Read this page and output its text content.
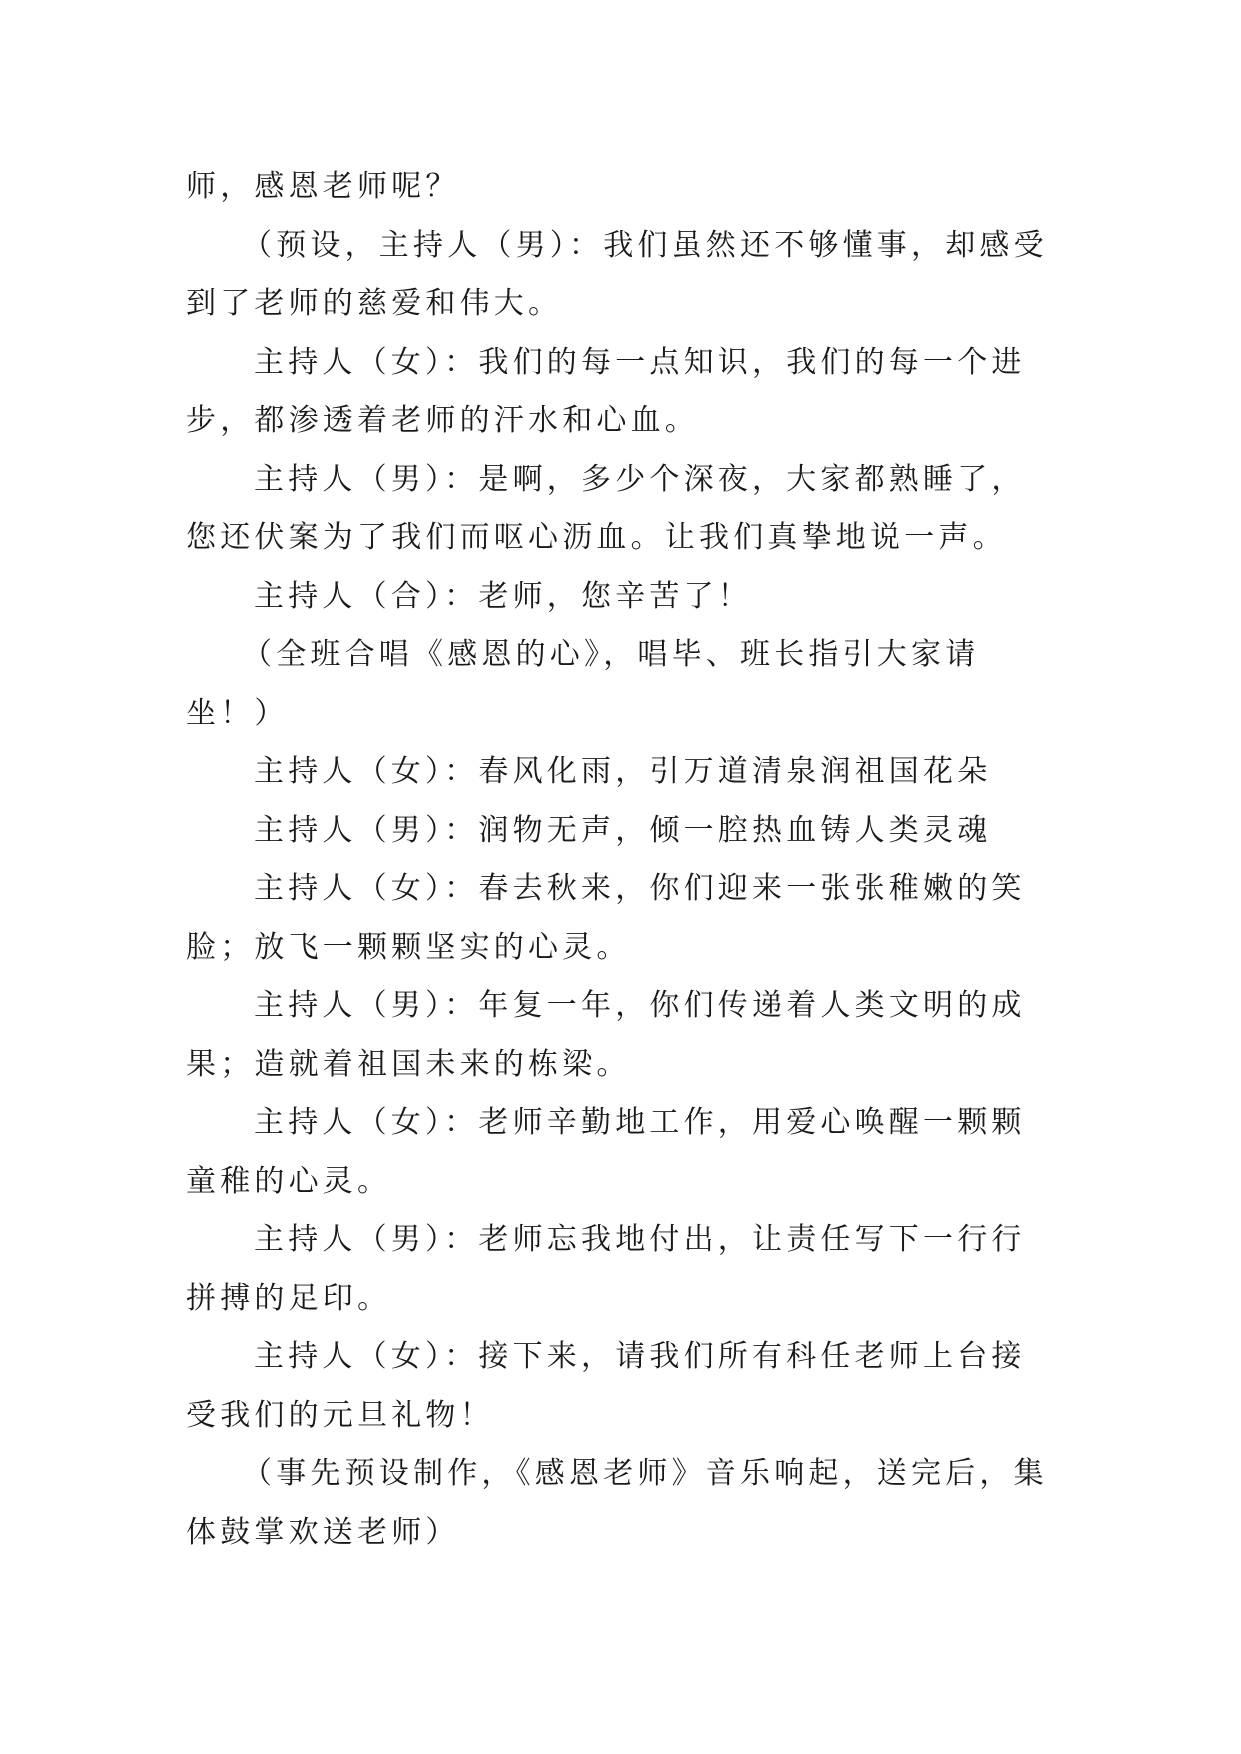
师，感恩老师呢？

（预设，主持人（男）：我们虽然还不够懂事，却感受到了老师的慈爱和伟大。

主持人（女）：我们的每一点知识，我们的每一个进步，都渗透着老师的汗水和心血。

主持人（男）：是啊，多少个深夜，大家都熟睡了，您还伏案为了我们而呕心沥血。让我们真挚地说一声。

主持人（合）：老师，您辛苦了！

（全班合唱《感恩的心》，唱毕、班长指引大家请坐！）

主持人（女）：春风化雨，引万道清泉润祖国花朵

主持人（男）：润物无声，倾一腔热血铸人类灵魂

主持人（女）：春去秋来，你们迎来一张张稚嫩的笑脸；放飞一颗颗坚实的心灵。

主持人（男）：年复一年，你们传递着人类文明的成果；造就着祖国未来的栋梁。

主持人（女）：老师辛勤地工作，用爱心唤醒一颗颗童稚的心灵。

主持人（男）：老师忘我地付出，让责任写下一行行拼搏的足印。

主持人（女）：接下来，请我们所有科任老师上台接受我们的元旦礼物！

（事先预设制作，《感恩老师》音乐响起，送完后，集体鼓掌欢送老师）
